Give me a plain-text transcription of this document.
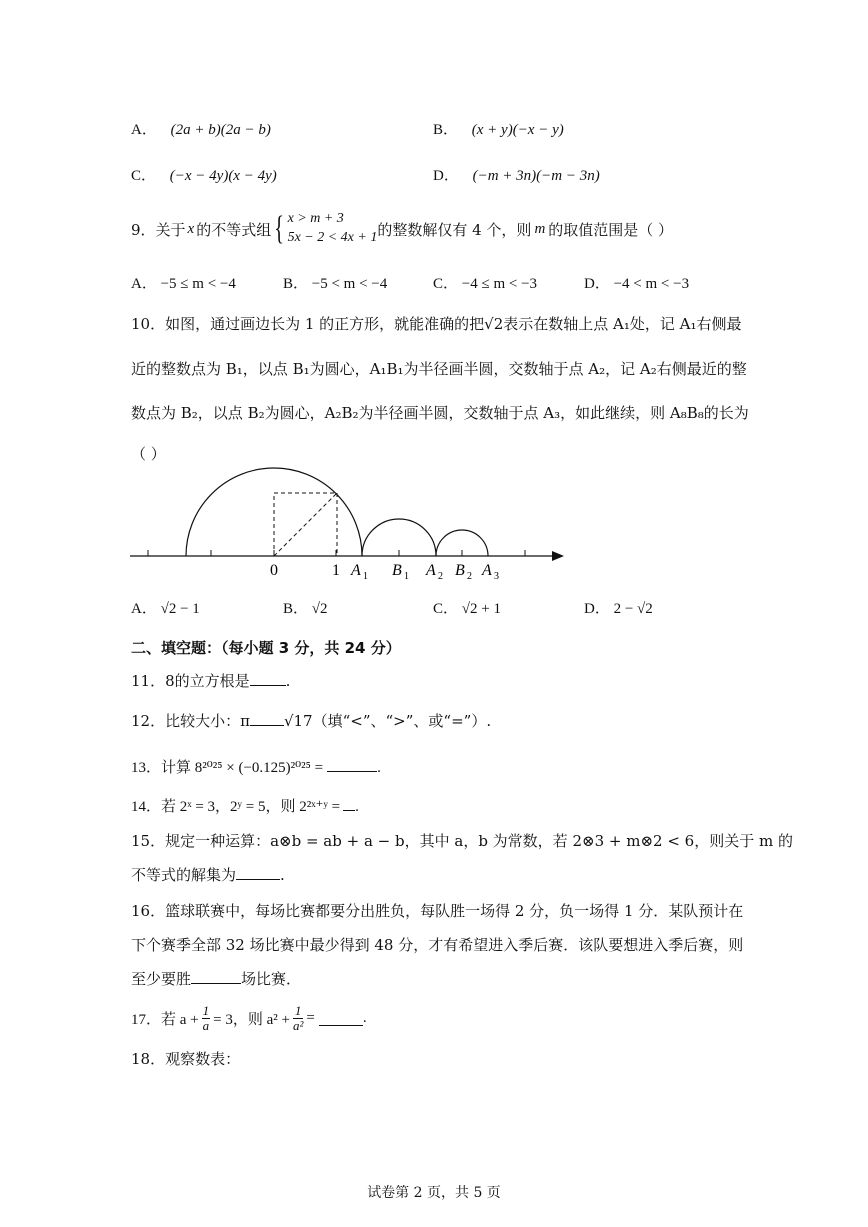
A． (2a + b)(2a − b)	B． (x + y)(−x − y)
C． (−x − 4y)(x − 4y)	D． (−m + 3n)(−m − 3n)
9．关于 x 的不等式组 { x > m + 3
5x − 2 < 4x + 1 的整数解仅有 4 个，则 m 的取值范围是（ ）
A． −5 ≤ m < −4	B． −5 < m < −4	C． −4 ≤ m < −3	D． −4 < m < −3
10．如图，通过画边长为 1 的正方形，就能准确的把√2表示在数轴上点 A₁处，记 A₁右侧最
近的整数点为 B₁，以点 B₁为圆心，A₁B₁为半径画半圆，交数轴于点 A₂，记 A₂右侧最近的整
数点为 B₂，以点 B₂为圆心，A₂B₂为半径画半圆，交数轴于点 A₃，如此继续，则 A₈B₈的长为
（ ）
0	1 A 1 B 1 A 2 B 2 A 3
A． √2 − 1	B． √2	C． √2 + 1	D． 2 − √2
二、填空题：（每小题 3 分，共 24 分）
11．8的立方根是 .
12．比较大小：π √17（填“<”、“>”、或“=”）.
13．计算 8²⁰²⁵ × (−0.125)²⁰²⁵ =	.
14．若 2ˣ = 3，2ʸ = 5，则 2²ˣ⁺ʸ = .
15．规定一种运算：a⊗b = ab + a − b，其中 a，b 为常数，若 2⊗3 + m⊗2 < 6，则关于 m 的
不等式的解集为	.
16．篮球联赛中，每场比赛都要分出胜负，每队胜一场得 2 分，负一场得 1 分．某队预计在
下个赛季全部 32 场比赛中最少得到 48 分，才有希望进入季后赛．该队要想进入季后赛，则
至少要胜	场比赛．
17．若 $a + \frac{1}{a} = 3$，则 $a^2 + \frac{1}{\text{a²}}$ =	.
18．观察数表：
试卷第 2 页，共 5 页
